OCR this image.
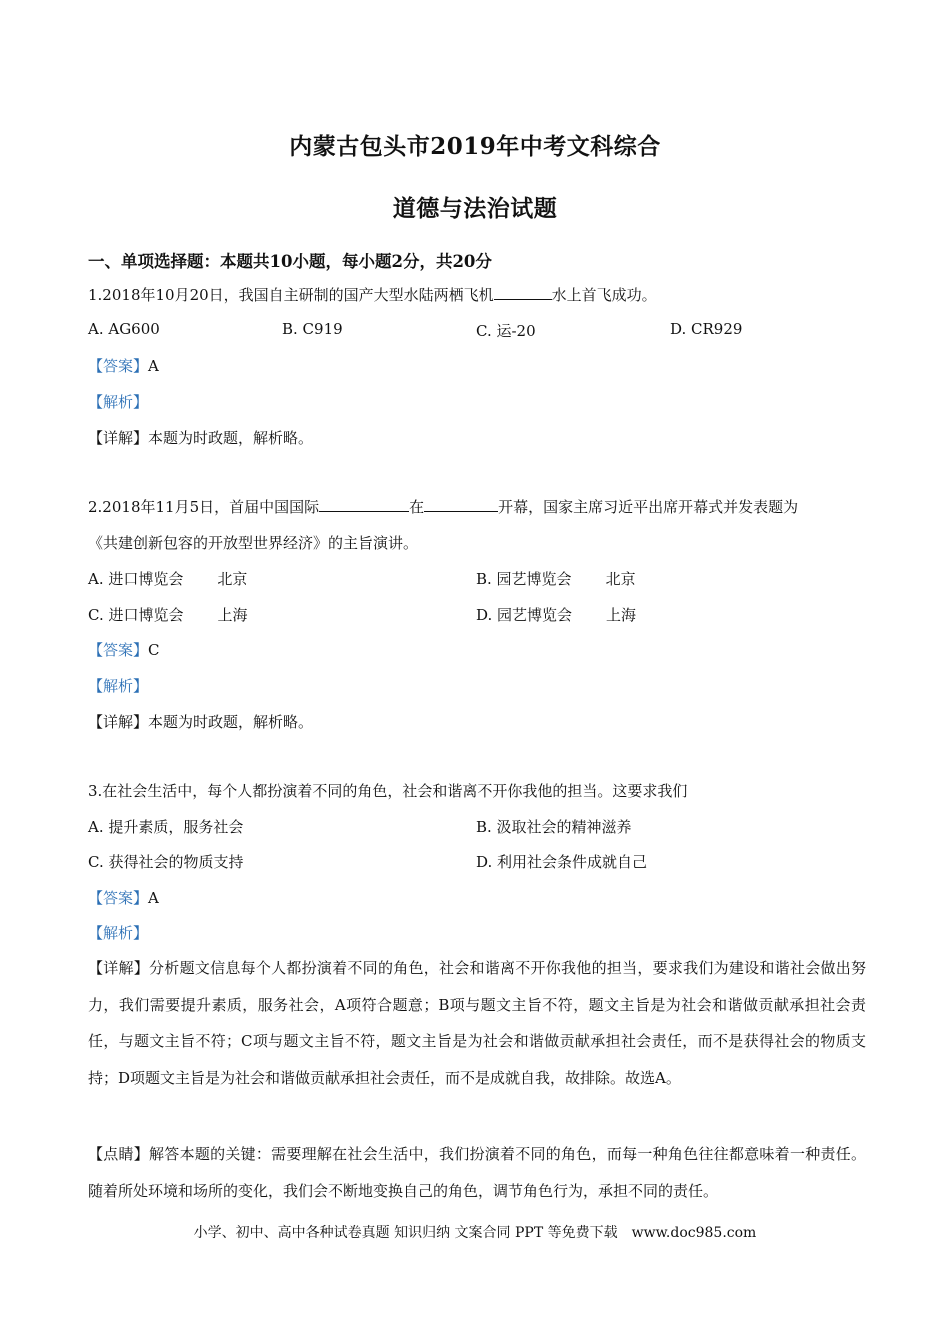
内蒙古包头市2019年中考文科综合
道德与法治试题
一、单项选择题：本题共10小题，每小题2分，共20分
1.2018年10月20日，我国自主研制的国产大型水陆两栖飞机	水上首飞成功。
A. AG600	B. C919	C. 运-20	D. CR929
【答案】A
【解析】
【详解】本题为时政题，解析略。
2.2018年11月5日，首届中国国际	在	开幕，国家主席习近平出席开幕式并发表题为
《共建创新包容的开放型世界经济》的主旨演讲。
A. 进口博览会 北京	B. 园艺博览会 北京
C. 进口博览会 上海	D. 园艺博览会 上海
【答案】C
【解析】
【详解】本题为时政题，解析略。
3.在社会生活中，每个人都扮演着不同的角色，社会和谐离不开你我他的担当。这要求我们
A. 提升素质，服务社会	B. 汲取社会的精神滋养
C. 获得社会的物质支持	D. 利用社会条件成就自己
【答案】A
【解析】
【详解】分析题文信息每个人都扮演着不同的角色，社会和谐离不开你我他的担当，要求我们为建设和谐社会做出努力，我们需要提升素质，服务社会，A项符合题意；B项与题文主旨不符，题文主旨是为社会和谐做贡献承担社会责任，与题文主旨不符；C项与题文主旨不符，题文主旨是为社会和谐做贡献承担社会责任，而不是获得社会的物质支持；D项题文主旨是为社会和谐做贡献承担社会责任，而不是成就自我，故排除。故选A。
【点睛】解答本题的关键：需要理解在社会生活中，我们扮演着不同的角色，而每一种角色往往都意味着一种责任。随着所处环境和场所的变化，我们会不断地变换自己的角色，调节角色行为，承担不同的责任。
小学、初中、高中各种试卷真题 知识归纳 文案合同 PPT 等免费下载　www.doc985.com
